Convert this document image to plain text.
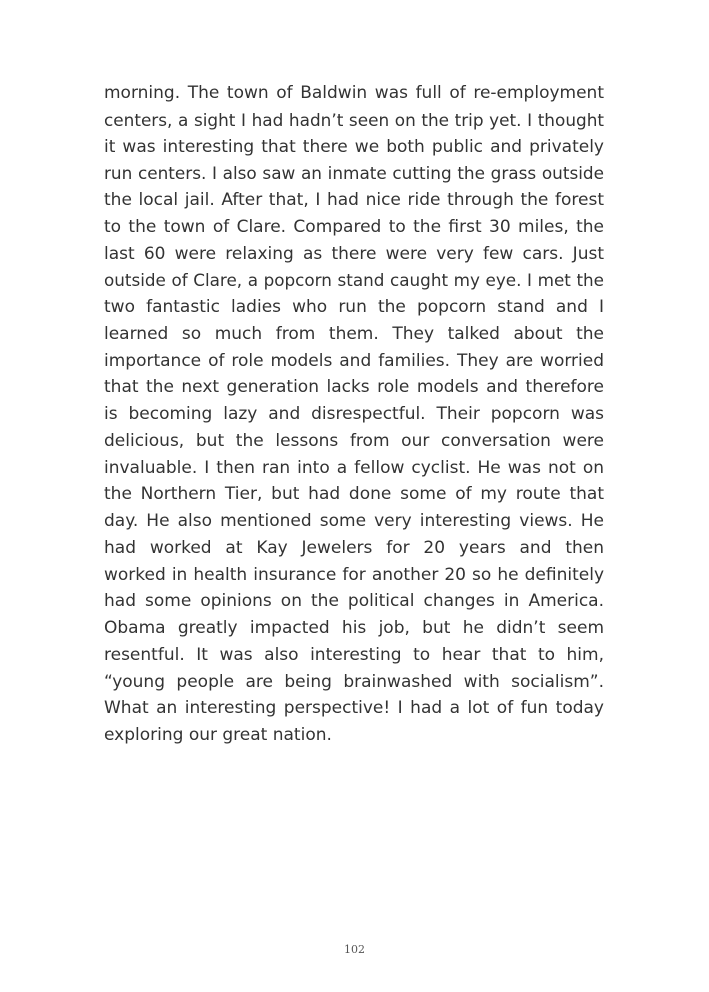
morning. The town of Baldwin was full of re-employment
centers, a sight I had hadn’t seen on the trip yet. I thought
it was interesting that there we both public and privately
run centers. I also saw an inmate cutting the grass outside
the local jail. After that, I had nice ride through the forest
to the town of Clare. Compared to the first 30 miles, the
last 60 were relaxing as there were very few cars. Just
outside of Clare, a popcorn stand caught my eye. I met the
two fantastic ladies who run the popcorn stand and I
learned so much from them. They talked about the
importance of role models and families. They are worried
that the next generation lacks role models and therefore
is becoming lazy and disrespectful. Their popcorn was
delicious, but the lessons from our conversation were
invaluable. I then ran into a fellow cyclist. He was not on
the Northern Tier, but had done some of my route that
day. He also mentioned some very interesting views. He
had worked at Kay Jewelers for 20 years and then
worked in health insurance for another 20 so he definitely
had some opinions on the political changes in America.
Obama greatly impacted his job, but he didn’t seem
resentful. It was also interesting to hear that to him,
“young people are being brainwashed with socialism”.
What an interesting perspective! I had a lot of fun today
exploring our great nation.

102
